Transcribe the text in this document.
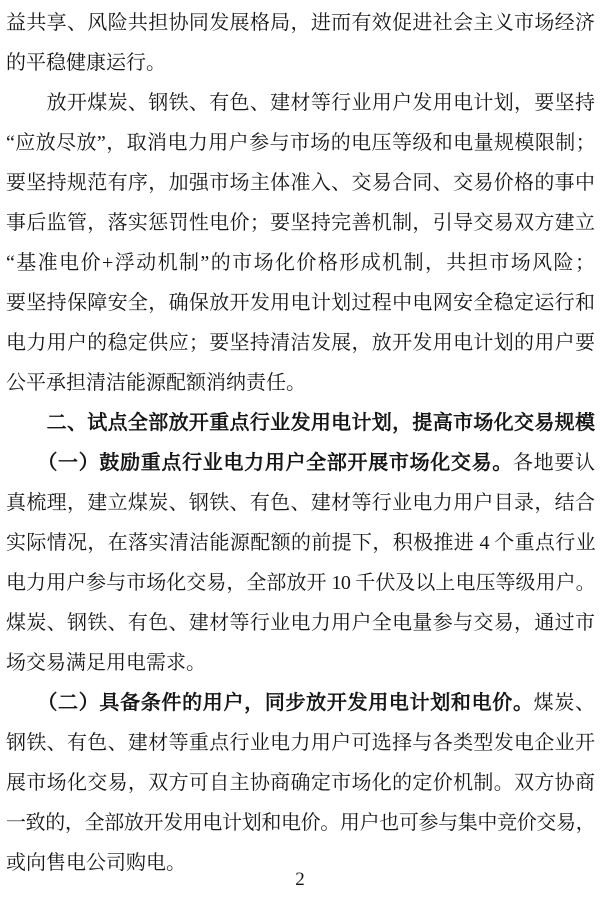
益共享、风险共担协同发展格局，进而有效促进社会主义市场经济
的平稳健康运行。
　　放开煤炭、钢铁、有色、建材等行业用户发用电计划，要坚持
“应放尽放”，取消电力用户参与市场的电压等级和电量规模限制；
要坚持规范有序，加强市场主体准入、交易合同、交易价格的事中
事后监管，落实惩罚性电价；要坚持完善机制，引导交易双方建立
“基准电价+浮动机制”的市场化价格形成机制，共担市场风险；
要坚持保障安全，确保放开发用电计划过程中电网安全稳定运行和
电力用户的稳定供应；要坚持清洁发展，放开发用电计划的用户要
公平承担清洁能源配额消纳责任。
　　二、试点全部放开重点行业发用电计划，提高市场化交易规模
　　（一）鼓励重点行业电力用户全部开展市场化交易。各地要认
真梳理，建立煤炭、钢铁、有色、建材等行业电力用户目录，结合
实际情况，在落实清洁能源配额的前提下，积极推进 4 个重点行业
电力用户参与市场化交易，全部放开 10 千伏及以上电压等级用户。
煤炭、钢铁、有色、建材等行业电力用户全电量参与交易，通过市
场交易满足用电需求。
　　（二）具备条件的用户，同步放开发用电计划和电价。煤炭、
钢铁、有色、建材等重点行业电力用户可选择与各类型发电企业开
展市场化交易，双方可自主协商确定市场化的定价机制。双方协商
一致的，全部放开发用电计划和电价。用户也可参与集中竞价交易，
或向售电公司购电。
2
